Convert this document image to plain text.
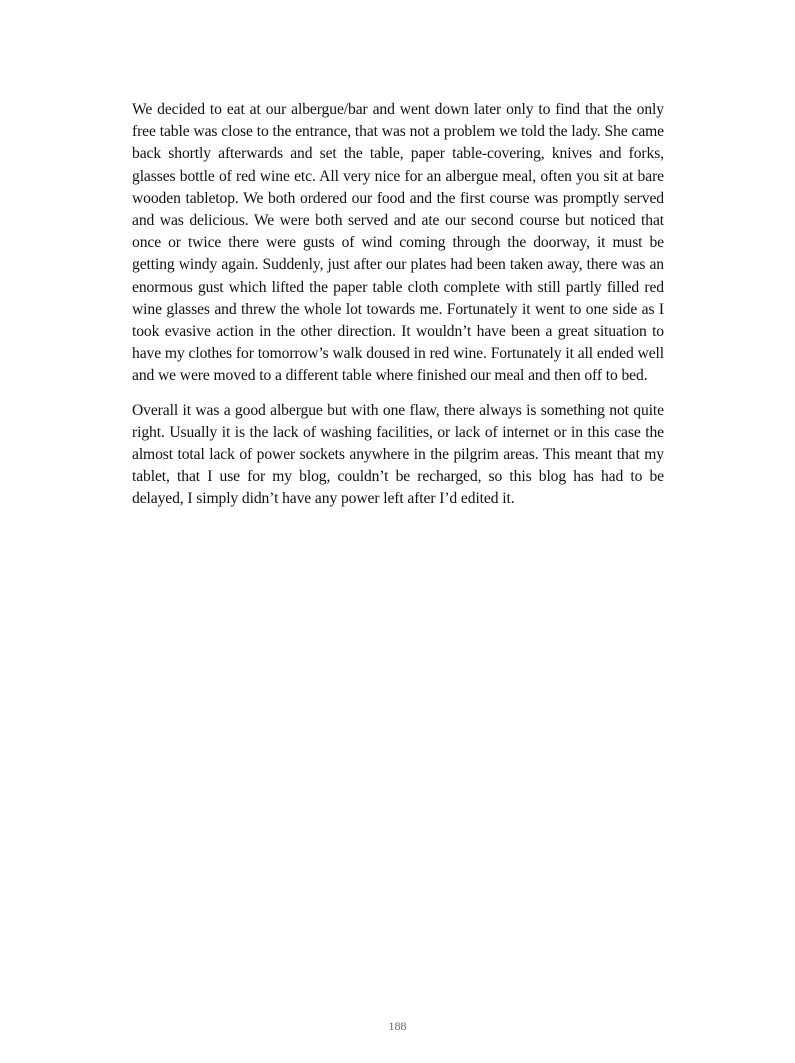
We decided to eat at our albergue/bar and went down later only to find that the only free table was close to the entrance, that was not a problem we told the lady. She came back shortly afterwards and set the table, paper table-covering, knives and forks, glasses bottle of red wine etc. All very nice for an albergue meal, often you sit at bare wooden tabletop. We both ordered our food and the first course was promptly served and was delicious. We were both served and ate our second course but noticed that once or twice there were gusts of wind coming through the doorway, it must be getting windy again. Suddenly, just after our plates had been taken away, there was an enormous gust which lifted the paper table cloth complete with still partly filled red wine glasses and threw the whole lot towards me. Fortunately it went to one side as I took evasive action in the other direction. It wouldn’t have been a great situation to have my clothes for tomorrow’s walk doused in red wine. Fortunately it all ended well and we were moved to a different table where finished our meal and then off to bed.

Overall it was a good albergue but with one flaw, there always is something not quite right. Usually it is the lack of washing facilities, or lack of internet or in this case the almost total lack of power sockets anywhere in the pilgrim areas. This meant that my tablet, that I use for my blog, couldn’t be recharged, so this blog has had to be delayed, I simply didn’t have any power left after I’d edited it.

188
